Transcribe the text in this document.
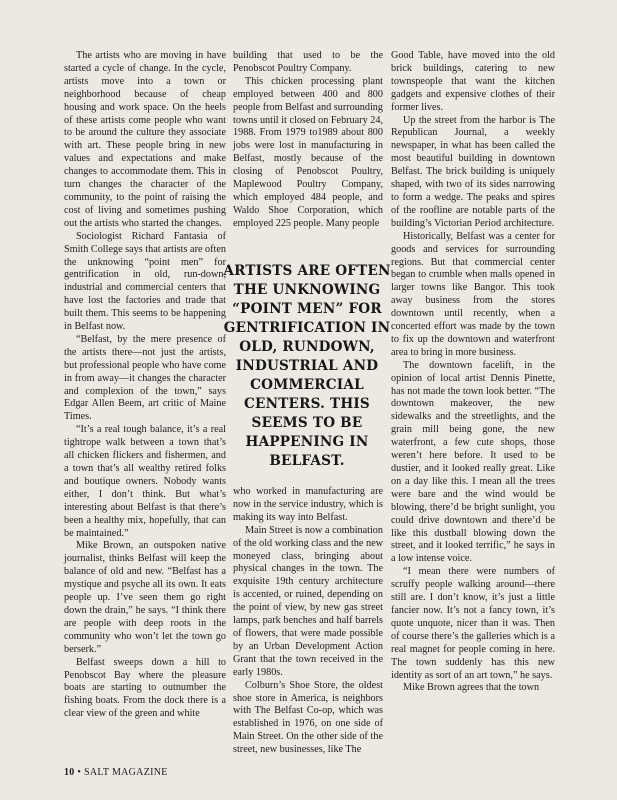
The artists who are moving in have started a cycle of change. In the cycle, artists move into a town or neighborhood because of cheap housing and work space. On the heels of these artists come people who want to be around the culture they associate with art. These people bring in new values and expectations and make changes to accommodate them. This in turn changes the character of the community, to the point of raising the cost of living and sometimes pushing out the artists who started the changes.

Sociologist Richard Fantasia of Smith College says that artists are often the unknowing “point men” for gentrification in old, run-down, industrial and commercial centers that have lost the factories and trade that built them. This seems to be happening in Belfast now.

“Belfast, by the mere presence of the artists there—not just the artists, but professional people who have come in from away—it changes the character and complexion of the town,” says Edgar Allen Beem, art critic of Maine Times.

“It’s a real tough balance, it’s a real tightrope walk between a town that’s all chicken flickers and fishermen, and a town that’s all wealthy retired folks and boutique owners. Nobody wants either, I don’t think. But what’s interesting about Belfast is that there’s been a healthy mix, hopefully, that can be maintained.”

Mike Brown, an outspoken native journalist, thinks Belfast will keep the balance of old and new. “Belfast has a mystique and psyche all its own. It eats people up. I’ve seen them go right down the drain,” he says. “I think there are people with deep roots in the community who won’t let the town go berserk.”

Belfast sweeps down a hill to Penobscot Bay where the pleasure boats are starting to outnumber the fishing boats. From the dock there is a clear view of the green and white

building that used to be the Penobscot Poultry Company.

This chicken processing plant employed between 400 and 800 people from Belfast and surrounding towns until it closed on February 24, 1988. From 1979 to1989 about 800 jobs were lost in manufacturing in Belfast, mostly because of the closing of Penobscot Poultry, Maplewood Poultry Company, which employed 484 people, and Waldo Shoe Corporation, which employed 225 people. Many people

ARTISTS ARE OFTEN THE UNKNOWING “POINT MEN” FOR GENTRIFICATION IN OLD, RUNDOWN, INDUSTRIAL AND COMMERCIAL CENTERS. THIS SEEMS TO BE HAPPENING IN BELFAST.

who worked in manufacturing are now in the service industry, which is making its way into Belfast.

Main Street is now a combination of the old working class and the new moneyed class, bringing about physical changes in the town. The exquisite 19th century architecture is accented, or ruined, depending on the point of view, by new gas street lamps, park benches and half barrels of flowers, that were made possible by an Urban Development Action Grant that the town received in the early 1980s.

Colburn’s Shoe Store, the oldest shoe store in America, is neighbors with The Belfast Co-op, which was established in 1976, on one side of Main Street. On the other side of the street, new businesses, like The

Good Table, have moved into the old brick buildings, catering to new townspeople that want the kitchen gadgets and expensive clothes of their former lives.

Up the street from the harbor is The Republican Journal, a weekly newspaper, in what has been called the most beautiful building in downtown Belfast. The brick building is uniquely shaped, with two of its sides narrowing to form a wedge. The peaks and spires of the roofline are notable parts of the building’s Victorian Period architecture.

Historically, Belfast was a center for goods and services for surrounding regions. But that commercial center began to crumble when malls opened in larger towns like Bangor. This took away business from the stores downtown until recently, when a concerted effort was made by the town to fix up the downtown and waterfront area to bring in more business.

The downtown facelift, in the opinion of local artist Dennis Pinette, has not made the town look better. “The downtown makeover, the new sidewalks and the streetlights, and the grain mill being gone, the new waterfront, a few cute shops, those weren’t here before. It used to be dustier, and it looked really great. Like on a day like this. I mean all the trees were bare and the wind would be blowing, there’d be bright sunlight, you could drive downtown and there’d be like this dustball blowing down the street, and it looked terrific,” he says in a low intense voice.

“I mean there were numbers of scruffy people walking around—there still are. I don’t know, it’s just a little fancier now. It’s not a fancy town, it’s quote unquote, nicer than it was. Then of course there’s the galleries which is a real magnet for people coming in here. The town suddenly has this new identity as sort of an art town,” he says.

Mike Brown agrees that the town

10 • SALT MAGAZINE
